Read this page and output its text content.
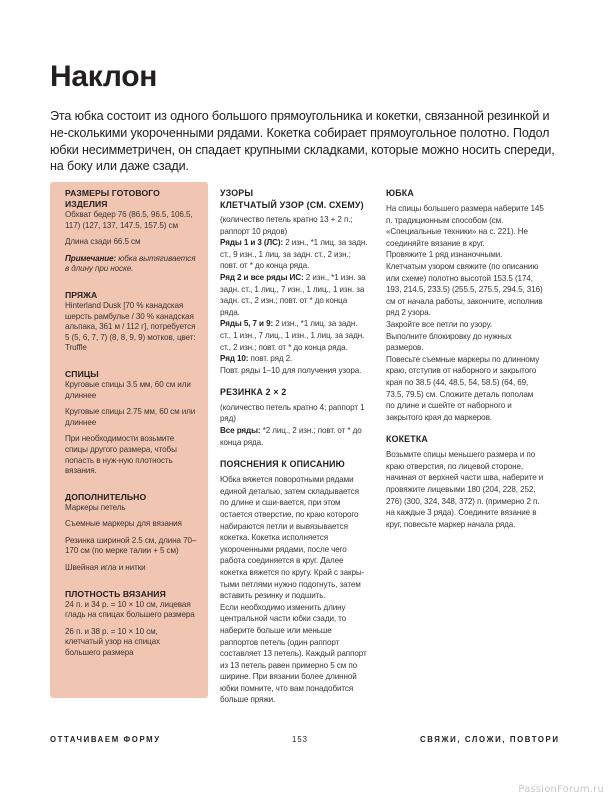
Наклон

Эта юбка состоит из одного большого прямоугольника и кокетки, связанной резинкой и не-сколькими укороченными рядами. Кокетка собирает прямоугольное полотно. Подол юбки несимметричен, он спадает крупными складками, которые можно носить спереди, на боку или даже сзади.

РАЗМЕРЫ ГОТОВОГО ИЗДЕЛИЯ

Обхват бедер 76 (86.5, 96.5, 106.5, 117) (127, 137, 147.5, 157.5) см

Длина сзади 66.5 см

Примечание: юбка вытягивается в длину при носке.

ПРЯЖА

Hinterland Dusk [70 % канадская шерсть рамбулье / 30 % канадская альпака, 361 м / 112 г], потребуется 5 (5, 6, 7, 7) (8, 8, 9, 9) мотков, цвет: Truffle

СПИЦЫ

Круговые спицы 3.5 мм, 60 см или длиннее

Круговые спицы 2.75 мм, 60 см или длиннее

При необходимости возьмите спицы другого размера, чтобы попасть в нуж-ную плотность вязания.

ДОПОЛНИТЕЛЬНО

Маркеры петель

Съемные маркеры для вязания

Резинка шириной 2.5 см, длина 70–170 см (по мерке талии + 5 см)

Швейная игла и нитки

ПЛОТНОСТЬ ВЯЗАНИЯ

24 п. и 34 р. = 10 × 10 см, лицевая гладь на спицах большего размера

26 п. и 38 р. = 10 × 10 см, клетчатый узор на спицах большего размера

УЗОРЫ

КЛЕТЧАТЫЙ УЗОР (СМ. СХЕМУ)

(количество петель кратно 13 + 2 п.; раппорт 10 рядов)

Ряды 1 и 3 (ЛС): 2 изн., *1 лиц. за задн. ст., 9 изн., 1 лиц. за задн. ст., 2 изн.; повт. от * до конца ряда.

Ряд 2 и все ряды ИС: 2 изн., *1 изн. за задн. ст., 1 лиц., 7 изн., 1 лиц., 1 изн. за задн. ст., 2 изн.; повт. от * до конца ряда.

Ряды 5, 7 и 9: 2 изн., *1 лиц. за задн. ст., 1 изн., 7 лиц., 1 изн., 1 лиц. за задн. ст., 2 изн.; повт. от * до конца ряда.

Ряд 10: повт. ряд 2.

Повт. ряды 1–10 для получения узора.

РЕЗИНКА 2 × 2

(количество петель кратно 4; раппорт 1 ряд)

Все ряды: *2 лиц., 2 изн.; повт. от * до конца ряда.

ПОЯСНЕНИЯ К ОПИСАНИЮ

Юбка вяжется поворотными рядами единой деталью, затем складывается по длине и сши-вается, при этом остается отверстие, по краю которого набираются петли и вывязывается кокетка. Кокетка исполняется укороченными рядами, после чего работа соединяется в круг. Далее кокетка вяжется по кругу. Край с закры-тыми петлями нужно подогнуть, затем вставить резинку и подшить.

Если необходимо изменить длину центральной части юбки сзади, то наберите больше или меньше раппортов петель (один раппорт составляет 13 петель). Каждый раппорт из 13 петель равен примерно 5 см по ширине. При вязании более длинной юбки помните, что вам понадобится больше пряжи.

ЮБКА

На спицы большего размера наберите 145 п. традиционным способом (см. «Специальные техники» на с. 221). Не соединяйте вязание в круг.

Провяжите 1 ряд изнаночными.

Клетчатым узором свяжите (по описанию или схеме) полотно высотой 153.5 (174, 193, 214.5, 233.5) (255.5, 275.5, 294.5, 316) см от начала работы, закончите, исполнив ряд 2 узора.

Закройте все петли по узору.

Выполните блокировку до нужных размеров.

Повесьте съемные маркеры по длинному краю, отступив от наборного и закрытого края по 38.5 (44, 48.5, 54, 58.5) (64, 69, 73.5, 79.5) см. Сложите деталь пополам по длине и сшейте от наборного и закрытого края до маркеров.

КОКЕТКА

Возьмите спицы меньшего размера и по краю отверстия, по лицевой стороне, начиная от верхней части шва, наберите и провяжите лицевыми 180 (204, 228, 252, 276) (300, 324, 348, 372) п. (примерно 2 п. на каждые 3 ряда). Соедините вязание в круг, повесьте маркер начала ряда.

ОТТАЧИВАЕМ ФОРМУ	153	СВЯЖИ, СЛОЖИ, ПОВТОРИ
PassionForum.ru
